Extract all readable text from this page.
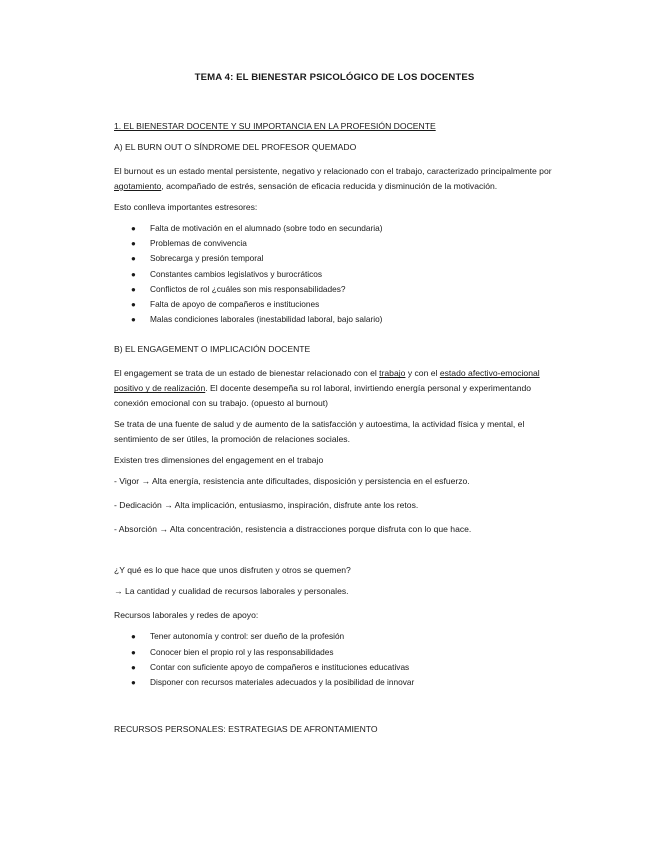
TEMA 4: EL BIENESTAR PSICOLÓGICO DE LOS DOCENTES
1. EL BIENESTAR DOCENTE Y SU IMPORTANCIA EN LA PROFESIÓN DOCENTE
A) EL BURN OUT O SÍNDROME DEL PROFESOR QUEMADO

El burnout es un estado mental persistente, negativo y relacionado con el trabajo, caracterizado principalmente por agotamiento, acompañado de estrés, sensación de eficacia reducida y disminución de la motivación.

Esto conlleva importantes estresores:

● Falta de motivación en el alumnado (sobre todo en secundaria)
● Problemas de convivencia
● Sobrecarga y presión temporal
● Constantes cambios legislativos y burocráticos
● Conflictos de rol ¿cuáles son mis responsabilidades?
● Falta de apoyo de compañeros e instituciones
● Malas condiciones laborales (inestabilidad laboral, bajo salario)
B) EL ENGAGEMENT O IMPLICACIÓN DOCENTE

El engagement se trata de un estado de bienestar relacionado con el trabajo y con el estado afectivo-emocional positivo y de realización. El docente desempeña su rol laboral, invirtiendo energía personal y experimentando conexión emocional con su trabajo. (opuesto al burnout)

Se trata de una fuente de salud y de aumento de la satisfacción y autoestima, la actividad física y mental, el sentimiento de ser útiles, la promoción de relaciones sociales.

Existen tres dimensiones del engagement en el trabajo

- Vigor → Alta energía, resistencia ante dificultades, disposición y persistencia en el esfuerzo.
- Dedicación → Alta implicación, entusiasmo, inspiración, disfrute ante los retos.
- Absorción → Alta concentración, resistencia a distracciones porque disfruta con lo que hace.

¿Y qué es lo que hace que unos disfruten y otros se quemen?

→ La cantidad y cualidad de recursos laborales y personales.

Recursos laborales y redes de apoyo:

● Tener autonomía y control: ser dueño de la profesión
● Conocer bien el propio rol y las responsabilidades
● Contar con suficiente apoyo de compañeros e instituciones educativas
● Disponer con recursos materiales adecuados y la posibilidad de innovar
RECURSOS PERSONALES: ESTRATEGIAS DE AFRONTAMIENTO
